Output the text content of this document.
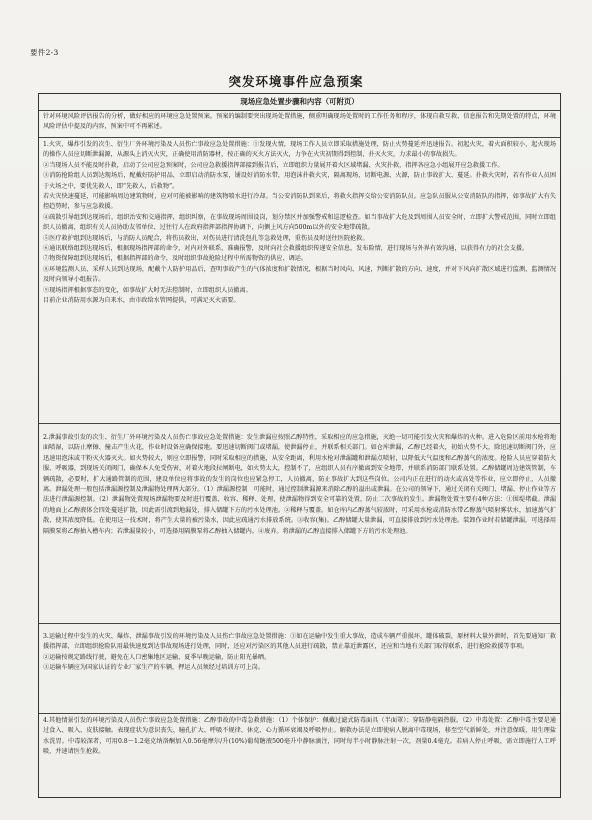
要件2-3
突发环境事件应急预案
现场应急处置步骤和内容（可附页）

针对环境风险评估报告的分析，做好相应的环境应急处置预案。预案的编制要突出现场处置措施，侧重明确现场处置时的工作任务和程序，体现自救互救、信息报告和先期处置的特点，环境风险评估中提及的内容，预案中可不再累述。

1.火灾、爆炸引发的次生、衍生厂外环境污染及人员伤亡事故应急处置措施：①发现火情，现场工作人员立即采取措施处理，防止火势蔓延并迅速报告。初起火灾，着火面积较小，起火现场的操作人员应切断泄漏源，从源头上消灭火灾，正确使用消防器材，按正确的灭火方法灭火，力争在火灾初期得到控制、扑灭火灾，力求最小的事故损失。

②当现场人员不能及时扑救，启动了公司应急预案时，公司应急救援指挥部接到报告后，立即组织力量展开着火区域堵漏、火灾扑救，指挥各应急小组展开应急救援工作。

③消防抢险组人员到达现场后，配戴好防护用品，立即启动消防水泵，铺设好消防水带，用泡沫扑救火灾，隔离现场，切断电源、火源，防止事故扩大、蔓延。扑救火灾时，若有作业人员困于火场之中，要优先救人，即“先救人，后救物”。

若火灾快速蔓延，可能影响周边建筑物时，应对可能被影响的建筑物喷水进行冷却。当公安消防队到来后，将救火指挥交给公安消防队员。应急队员服从公安消防队的指挥，如事故扩大有失控趋势时，参与应急救援。

④疏散引导组到达现场后，组织治安和交通指挥，组织纠察，在事故现场周围设岗，划分禁区并加强警戒和巡逻检查。如当事故扩大危及到周围人员安全时，立即扩大警戒范围，同时立即组织人员撤离，组织有关人员协助友邻单位、过往行人在政府指挥部指挥协调下，向侧上风方向500m以外的安全地带疏散。

⑤医疗救护组到达现场后，与消防人员配合，将伤员救出，对伤员进行清洗包扎等急救处理，重伤员及时送往医院抢救。

⑥通讯联络组到达现场后，根据现场指挥部的命令，对内对外联系，准确报警，及时向社会救援组织传递安全信息，发布险情，进行现场与外界有效沟通，以获得有力的社会支援。

⑦物资保障组到达现场后，根据指挥部的命令，及时组织事故抢险过程中所需物资的供应、调运。

⑧环境监测人员、采样人员到达现场，配戴个人防护用品后，查明事故产生的气体浓度和扩散情况，根据当时风向、风速，判断扩散的方向、速度，并对下风向扩散区域进行监测，监测情况及时向领导小组报告。

⑨现场指挥根据事态的变化，如事故扩大时无法控制时，立即组织人员撤离。

目前企业消防用水源为自来水，由市政给水管网提供，可满足灭火需要。

2.泄漏事故引发的次生、衍生厂外环境污染及人员伤亡事故应急处置措施：发生泄漏应按照乙醇特性，采取相应的应急措施，灭绝一切可能引发火灾和爆炸的火种。进入危险区前用水枪将地面喷湿，以防止摩擦、撞击产生火花，作业时设备应确保接地。要迅速切断阀门或堵漏，使泄漏停止，并联系相关部门。如仓库泄漏，乙醇已经着火，初始火势不大，除迅速切断阀门外，应迅速用泡沫或干粉灭火器灭火。如火势较大，则应立即报警，同时采取相应的措施，从安全距离，利用水枪对泄漏罐和泄漏点喷射，以降低大气温度和乙醇蒸气的浓度。抢险人员应穿着防火服、呼吸器，到现场关闭阀门，确保本人免受伤害，对着火地段拉闸断电，如火势太大，控制不了，应组织人员有序撤离到安全地带，并联系消防部门联系处置。乙醇储罐周边建筑管制，车辆疏散，必要时，扩大通路管制的范围，建设单位应将事故的发生的岗位也应紧急停工，人员撤离，防止事故扩大到这些岗位。公司内正在进行的动火或高处等作业，应立即停止，人员撤离。泄漏处理一般包括泄漏源控制及泄漏物处理两大部分。（1）泄漏源控制　可能时，通过控制泄漏源来消除乙醇的溢出或泄漏。在公司的领导下，通过关闭有关阀门、堵漏、停止作业等方法进行泄漏源控制。（2）泄漏物处置现场泄漏物要及时进行覆盖、收容、稀释、处理，使泄漏物得到安全可靠的处置，防止二次事故的发生。泄漏物处置主要有4种方法：①围堤堵截。泄漏的地面上乙醇液体会四处蔓延扩散，因此需引流到地漏处，排入储罐下方的污水处理池。②稀释与覆盖。如仓库内乙醇蒸气较浓时，可采用水枪或消防水带乙醇蒸气喷射雾状水，加速蒸气扩散，使其浓度降低。在使用这一技术时，将产生大量的被污染水，因此应疏通污水排放系统。③收容(集)。乙醇储罐大量泄漏，可直接排放到污水处理池。装卸作业时若储罐泄漏，可选择用隔膜泵将乙醇抽入槽车内；若泄漏量较小，可选择用隔膜泵将乙醇抽入储罐内。④废弃。将泄漏的乙醇直接排入储罐下方的污水处理池。

3.运输过程中发生的火灾、爆炸、泄漏事故引发的环境污染及人员伤亡事故应急处置措施：①如在运输中发生重大事故，造成车辆严重损坏，罐体破裂，原材料大量外泄时，首先要通知厂救援指挥部，立即组织抢险队用最快速度到达事故现场进行处理，同时，还应对污染区的其他人员进行疏散，禁止靠近泄露区，还应和当地有关部门取得联系，进行抢险救援等事项。

②运输按规定路线行驶，避免在人口密集地区运输，夏季早晚运输，防止阳光暴晒。

③运输车辆应为国家认证的专业厂家生产的车辆，押运人员须经过培训方可上岗。

4.其他情景引发的环境污染及人员伤亡事故应急处置措施：乙醇事故的中毒急救措施：（1）个体保护：佩戴过滤式防毒面具（半面罩）；穿防静电隔热服。（2）中毒处置：乙醇中毒主要是通过食入、吸入、皮肤接触。表现症状为意识丧失、瞳孔扩大、呼吸不规律、休克、心力循环衰竭及呼吸停止。解救办法是立即使病人脱离中毒现场，移至空气新鲜处，并注意保暖，用生理盐水洗胃。中毒较深者，可用0.8～1.2毫克纳洛酮加入0.56毫摩尔/升(10%)葡萄糖液500毫升中静脉滴注，同时每半小时静脉注射一次，剂量0.4毫克。若病人停止呼吸，需立即施行人工呼吸，并速请医生抢救。
